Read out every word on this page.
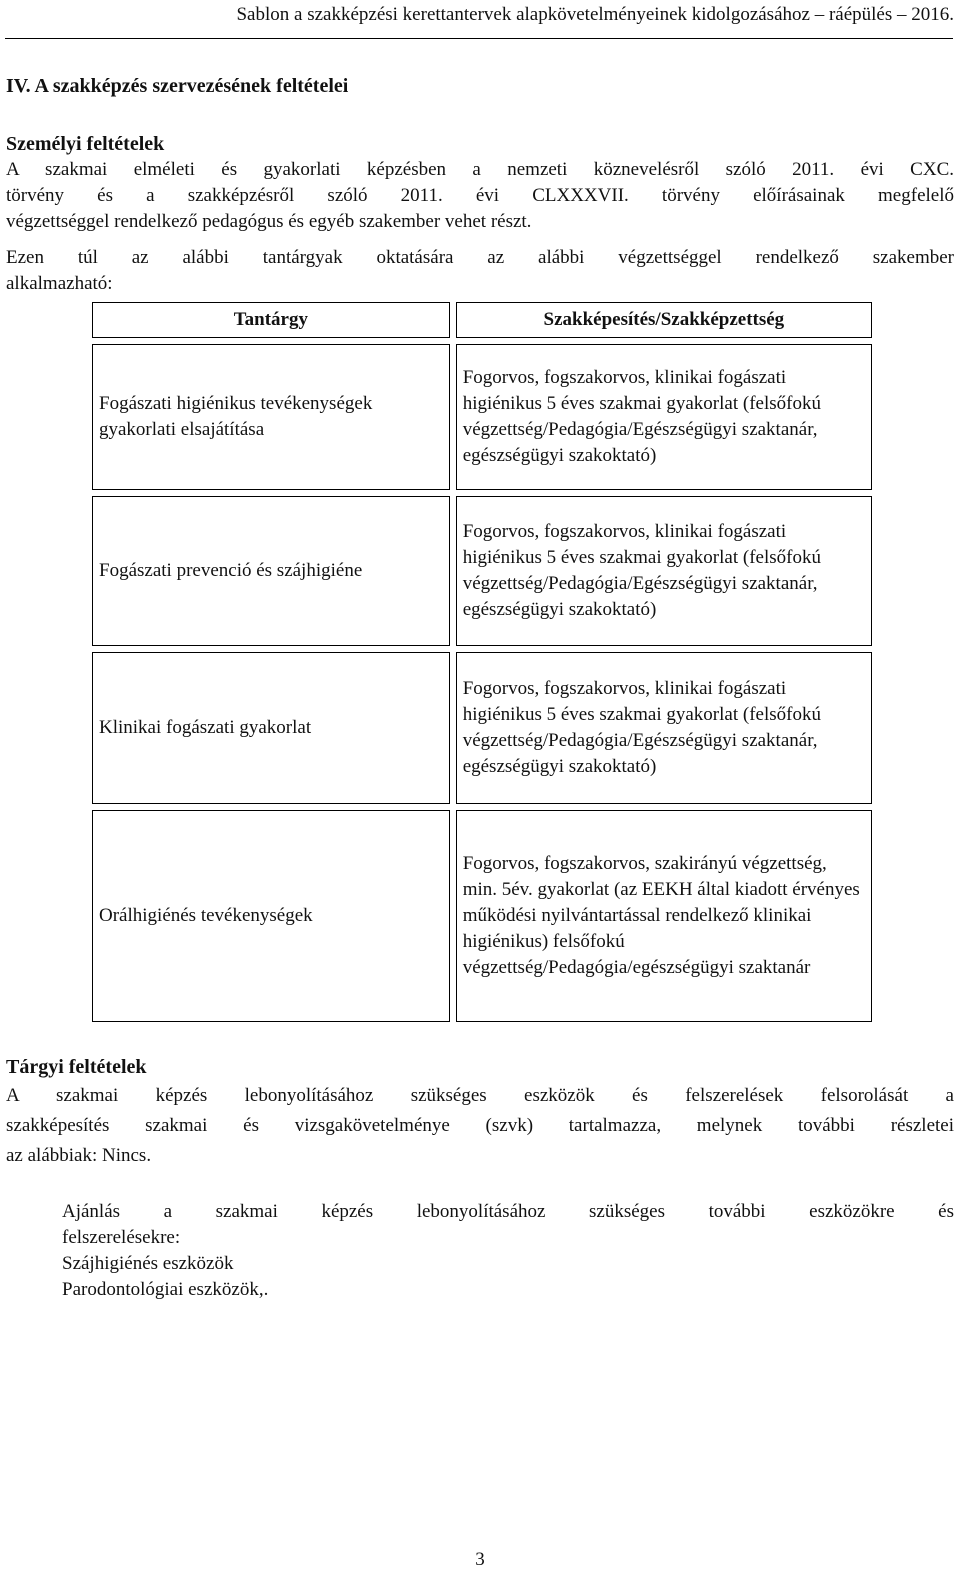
Sablon a szakképzési kerettantervek alapkövetelményeinek kidolgozásához – ráépülés – 2016.
IV. A szakképzés szervezésének feltételei
Személyi feltételek
A szakmai elméleti és gyakorlati képzésben a nemzeti köznevelésről szóló 2011. évi CXC.
törvény és a szakképzésről szóló 2011. évi CLXXXVII. törvény előírásainak megfelelő
végzettséggel rendelkező pedagógus és egyéb szakember vehet részt.
Ezen túl az alábbi tantárgyak oktatására az alábbi végzettséggel rendelkező szakember
alkalmazható:
Tantárgy	Szakképesítés/Szakképzettség
Fogászati higiénikus tevékenységek gyakorlati elsajátítása	Fogorvos, fogszakorvos, klinikai fogászati higiénikus 5 éves szakmai gyakorlat (felsőfokú végzettség/Pedagógia/Egészségügyi szaktanár, egészségügyi szakoktató)
Fogászati prevenció és szájhigiéne	Fogorvos, fogszakorvos, klinikai fogászati higiénikus 5 éves szakmai gyakorlat (felsőfokú végzettség/Pedagógia/Egészségügyi szaktanár, egészségügyi szakoktató)
Klinikai fogászati gyakorlat	Fogorvos, fogszakorvos, klinikai fogászati higiénikus 5 éves szakmai gyakorlat (felsőfokú végzettség/Pedagógia/Egészségügyi szaktanár, egészségügyi szakoktató)
Orálhigiénés tevékenységek	Fogorvos, fogszakorvos, szakirányú végzettség, min. 5év. gyakorlat (az EEKH által kiadott érvényes működési nyilvántartással rendelkező klinikai higiénikus) felsőfokú végzettség/Pedagógia/egészségügyi szaktanár
Tárgyi feltételek
A szakmai képzés lebonyolításához szükséges eszközök és felszerelések felsorolását a
szakképesítés szakmai és vizsgakövetelménye (szvk) tartalmazza, melynek további részletei
az alábbiak: Nincs.
Ajánlás a szakmai képzés lebonyolításához szükséges további eszközökre és
felszerelésekre:
Szájhigiénés eszközök
Parodontológiai eszközök,.
3
